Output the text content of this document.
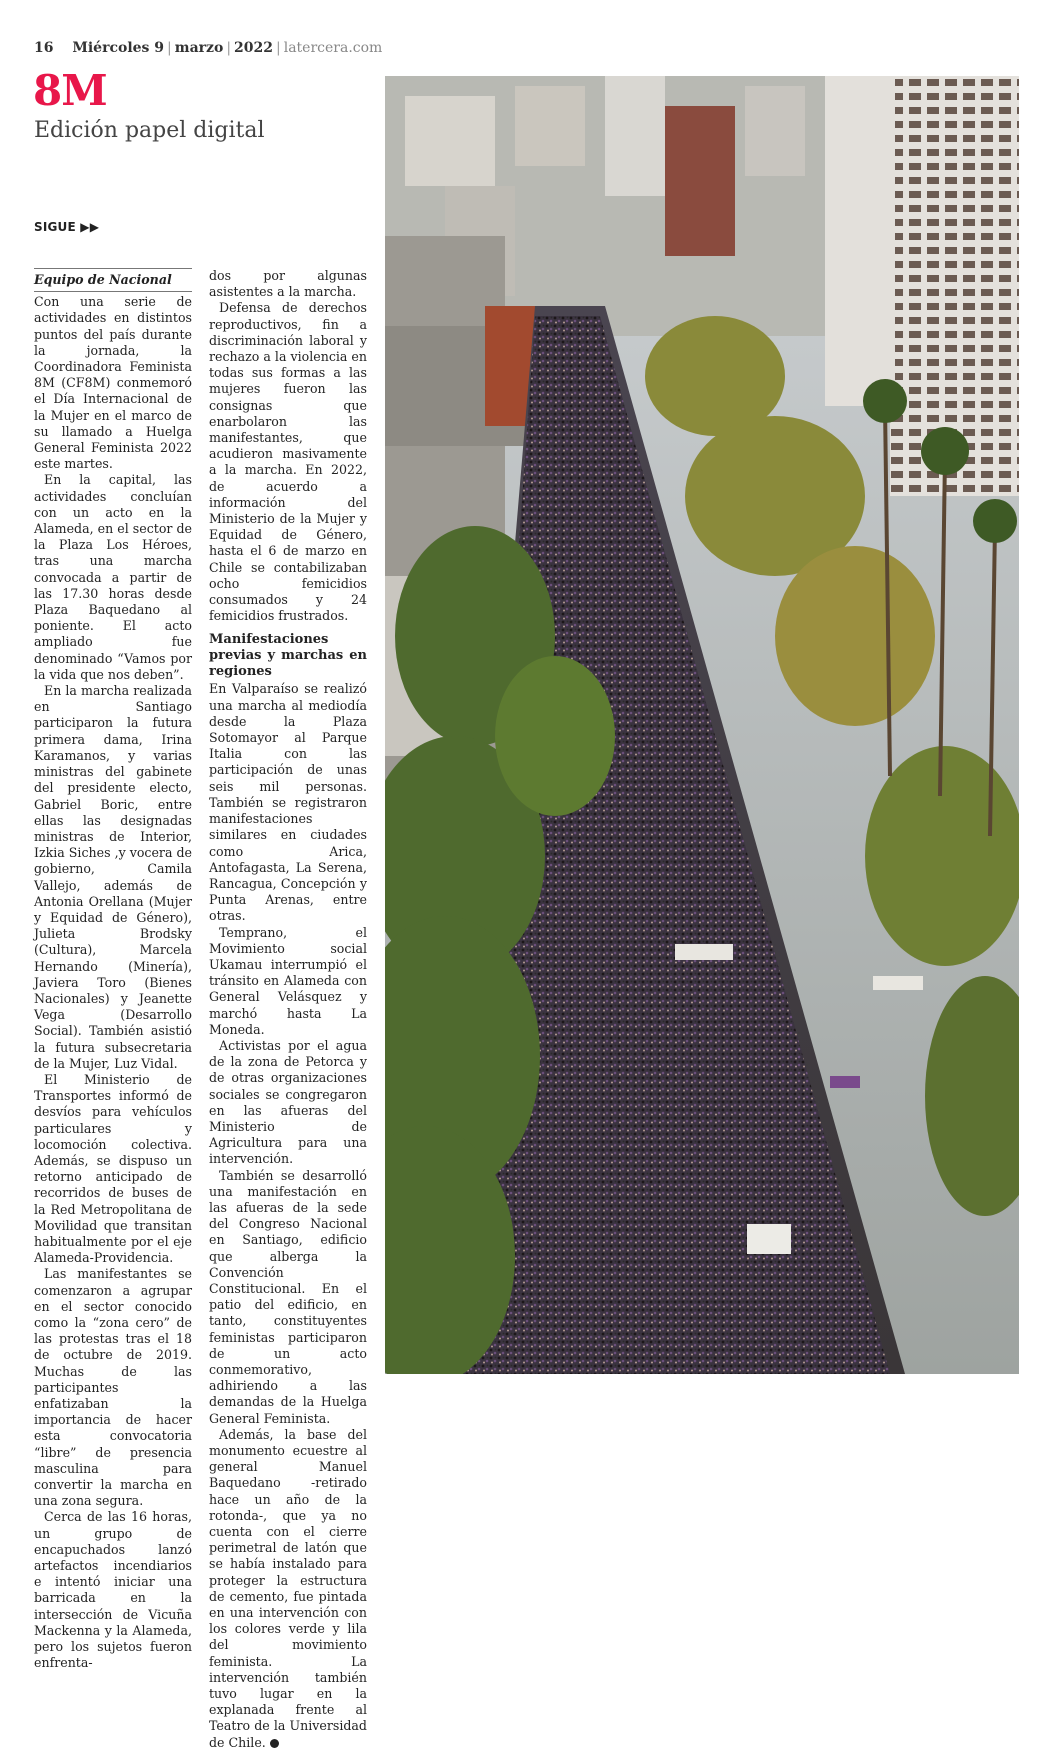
16 Miércoles 9 | marzo | 2022 | latercera.com
8M
Edición papel digital
SIGUE ▶▶
Equipo de Nacional

Con una serie de actividades en distintos puntos del país durante la jornada, la Coordinadora Feminista 8M (CF8M) conmemoró el Día Internacional de la Mujer en el marco de su llamado a Huelga General Feminista 2022 este martes.

En la capital, las actividades concluían con un acto en la Alameda, en el sector de la Plaza Los Héroes, tras una marcha convocada a partir de las 17.30 horas desde Plaza Baquedano al poniente. El acto ampliado fue denominado “Vamos por la vida que nos deben”.

En la marcha realizada en Santiago participaron la futura primera dama, Irina Karamanos, y varias ministras del gabinete del presidente electo, Gabriel Boric, entre ellas las designadas ministras de Interior, Izkia Siches ,y vocera de gobierno, Camila Vallejo, además de Antonia Orellana (Mujer y Equidad de Género), Julieta Brodsky (Cultura), Marcela Hernando (Minería), Javiera Toro (Bienes Nacionales) y Jeanette Vega (Desarrollo Social). También asistió la futura subsecretaria de la Mujer, Luz Vidal.

El Ministerio de Transportes informó de desvíos para vehículos particulares y locomoción colectiva. Además, se dispuso un retorno anticipado de recorridos de buses de la Red Metropolitana de Movilidad que transitan habitualmente por el eje Alameda-Providencia.

Las manifestantes se comenzaron a agrupar en el sector conocido como la “zona cero” de las protestas tras el 18 de octubre de 2019. Muchas de las participantes enfatizaban la importancia de hacer esta convocatoria “libre” de presencia masculina para convertir la marcha en una zona segura.

Cerca de las 16 horas, un grupo de encapuchados lanzó artefactos incendiarios e intentó iniciar una barricada en la intersección de Vicuña Mackenna y la Alameda, pero los sujetos fueron enfrenta-

dos por algunas asistentes a la marcha.

Defensa de derechos reproductivos, fin a discriminación laboral y rechazo a la violencia en todas sus formas a las mujeres fueron las consignas que enarbolaron las manifestantes, que acudieron masivamente a la marcha. En 2022, de acuerdo a información del Ministerio de la Mujer y Equidad de Género, hasta el 6 de marzo en Chile se contabilizaban ocho femicidios consumados y 24 femicidios frustrados.

Manifestaciones previas y marchas en regiones

En Valparaíso se realizó una marcha al mediodía desde la Plaza Sotomayor al Parque Italia con las participación de unas seis mil personas. También se registraron manifestaciones similares en ciudades como Arica, Antofagasta, La Serena, Rancagua, Concepción y Punta Arenas, entre otras.

Temprano, el Movimiento social Ukamau interrumpió el tránsito en Alameda con General Velásquez y marchó hasta La Moneda.

Activistas por el agua de la zona de Petorca y de otras organizaciones sociales se congregaron en las afueras del Ministerio de Agricultura para una intervención.

También se desarrolló una manifestación en las afueras de la sede del Congreso Nacional en Santiago, edificio que alberga la Convención Constitucional. En el patio del edificio, en tanto, constituyentes feministas participaron de un acto conmemorativo, adhiriendo a las demandas de la Huelga General Feminista.

Además, la base del monumento ecuestre al general Manuel Baquedano -retirado hace un año de la rotonda-, que ya no cuenta con el cierre perimetral de latón que se había instalado para proteger la estructura de cemento, fue pintada en una intervención con los colores verde y lila del movimiento feminista. La intervención también tuvo lugar en la explanada frente al Teatro de la Universidad de Chile.
